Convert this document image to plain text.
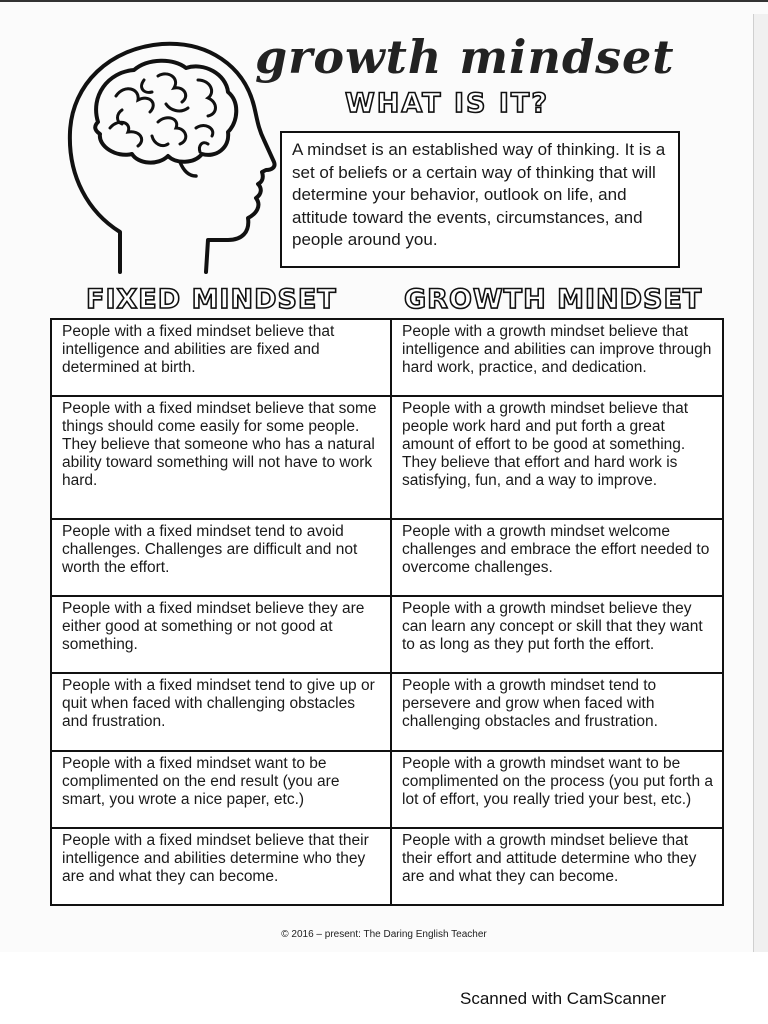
growth mindset
WHAT IS IT?
A mindset is an established way of thinking. It is a set of beliefs or a certain way of thinking that will determine your behavior, outlook on life, and attitude toward the events, circumstances, and people around you.
FIXED MINDSET GROWTH MINDSET
People with a fixed mindset believe that intelligence and abilities are fixed and determined at birth.	People with a growth mindset believe that intelligence and abilities can improve through hard work, practice, and dedication.
People with a fixed mindset believe that some things should come easily for some people. They believe that someone who has a natural ability toward something will not have to work hard.	People with a growth mindset believe that people work hard and put forth a great amount of effort to be good at something. They believe that effort and hard work is satisfying, fun, and a way to improve.
People with a fixed mindset tend to avoid challenges. Challenges are difficult and not worth the effort.	People with a growth mindset welcome challenges and embrace the effort needed to overcome challenges.
People with a fixed mindset believe they are either good at something or not good at something.	People with a growth mindset believe they can learn any concept or skill that they want to as long as they put forth the effort.
People with a fixed mindset tend to give up or quit when faced with challenging obstacles and frustration.	People with a growth mindset tend to persevere and grow when faced with challenging obstacles and frustration.
People with a fixed mindset want to be complimented on the end result (you are smart, you wrote a nice paper, etc.)	People with a growth mindset want to be complimented on the process (you put forth a lot of effort, you really tried your best, etc.)
People with a fixed mindset believe that their intelligence and abilities determine who they are and what they can become.	People with a growth mindset believe that their effort and attitude determine who they are and what they can become.
© 2016 – present: The Daring English Teacher
Scanned with CamScanner
